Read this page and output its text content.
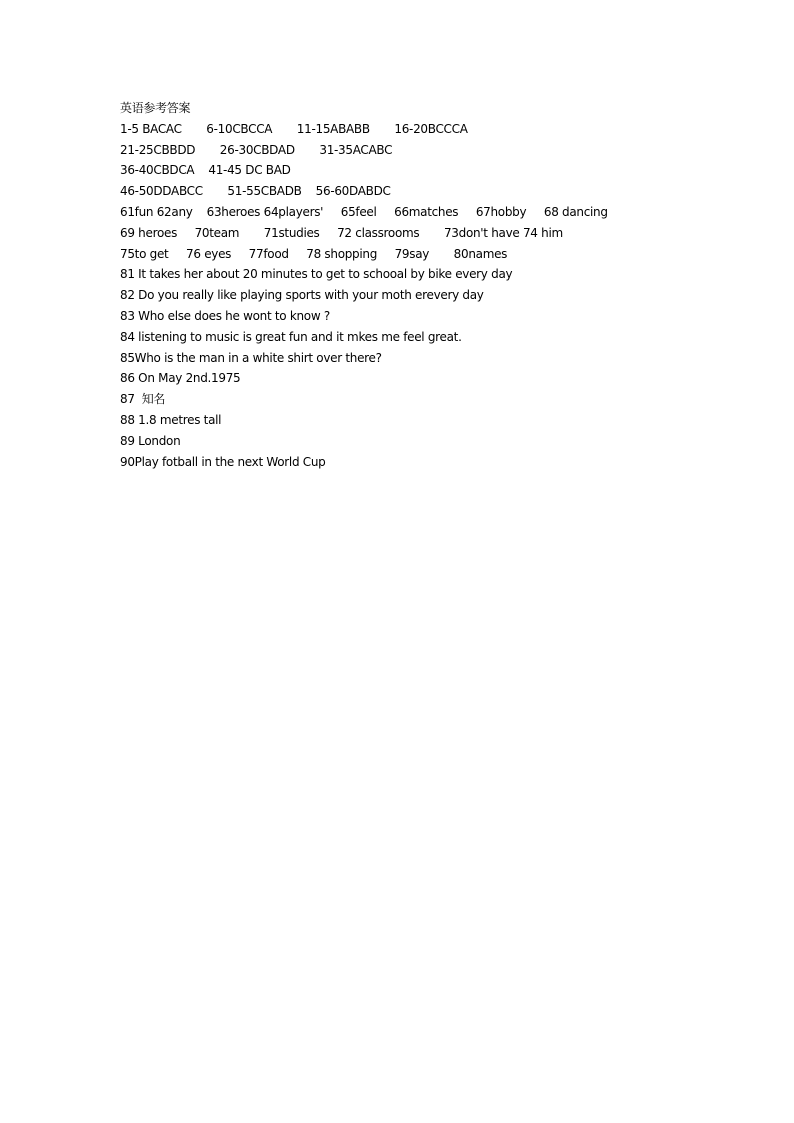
英语参考答案
1-5 BACAC       6-10CBCCA       11-15ABABB       16-20BCCCA
21-25CBBDD       26-30CBDAD       31-35ACABC
36-40CBDCA    41-45 DC BAD
46-50DDABCC       51-55CBADB    56-60DABDC
61fun 62any    63heroes 64players'     65feel     66matches     67hobby     68 dancing
69 heroes     70team       71studies     72 classrooms       73don't have 74 him
75to get     76 eyes     77food     78 shopping     79say       80names
81 It takes her about 20 minutes to get to schooal by bike every day
82 Do you really like playing sports with your moth erevery day
83 Who else does he wont to know ?
84 listening to music is great fun and it mkes me feel great.
85Who is the man in a white shirt over there?
86 On May 2nd.1975
87  知名
88 1.8 metres tall
89 London
90Play fotball in the next World Cup
